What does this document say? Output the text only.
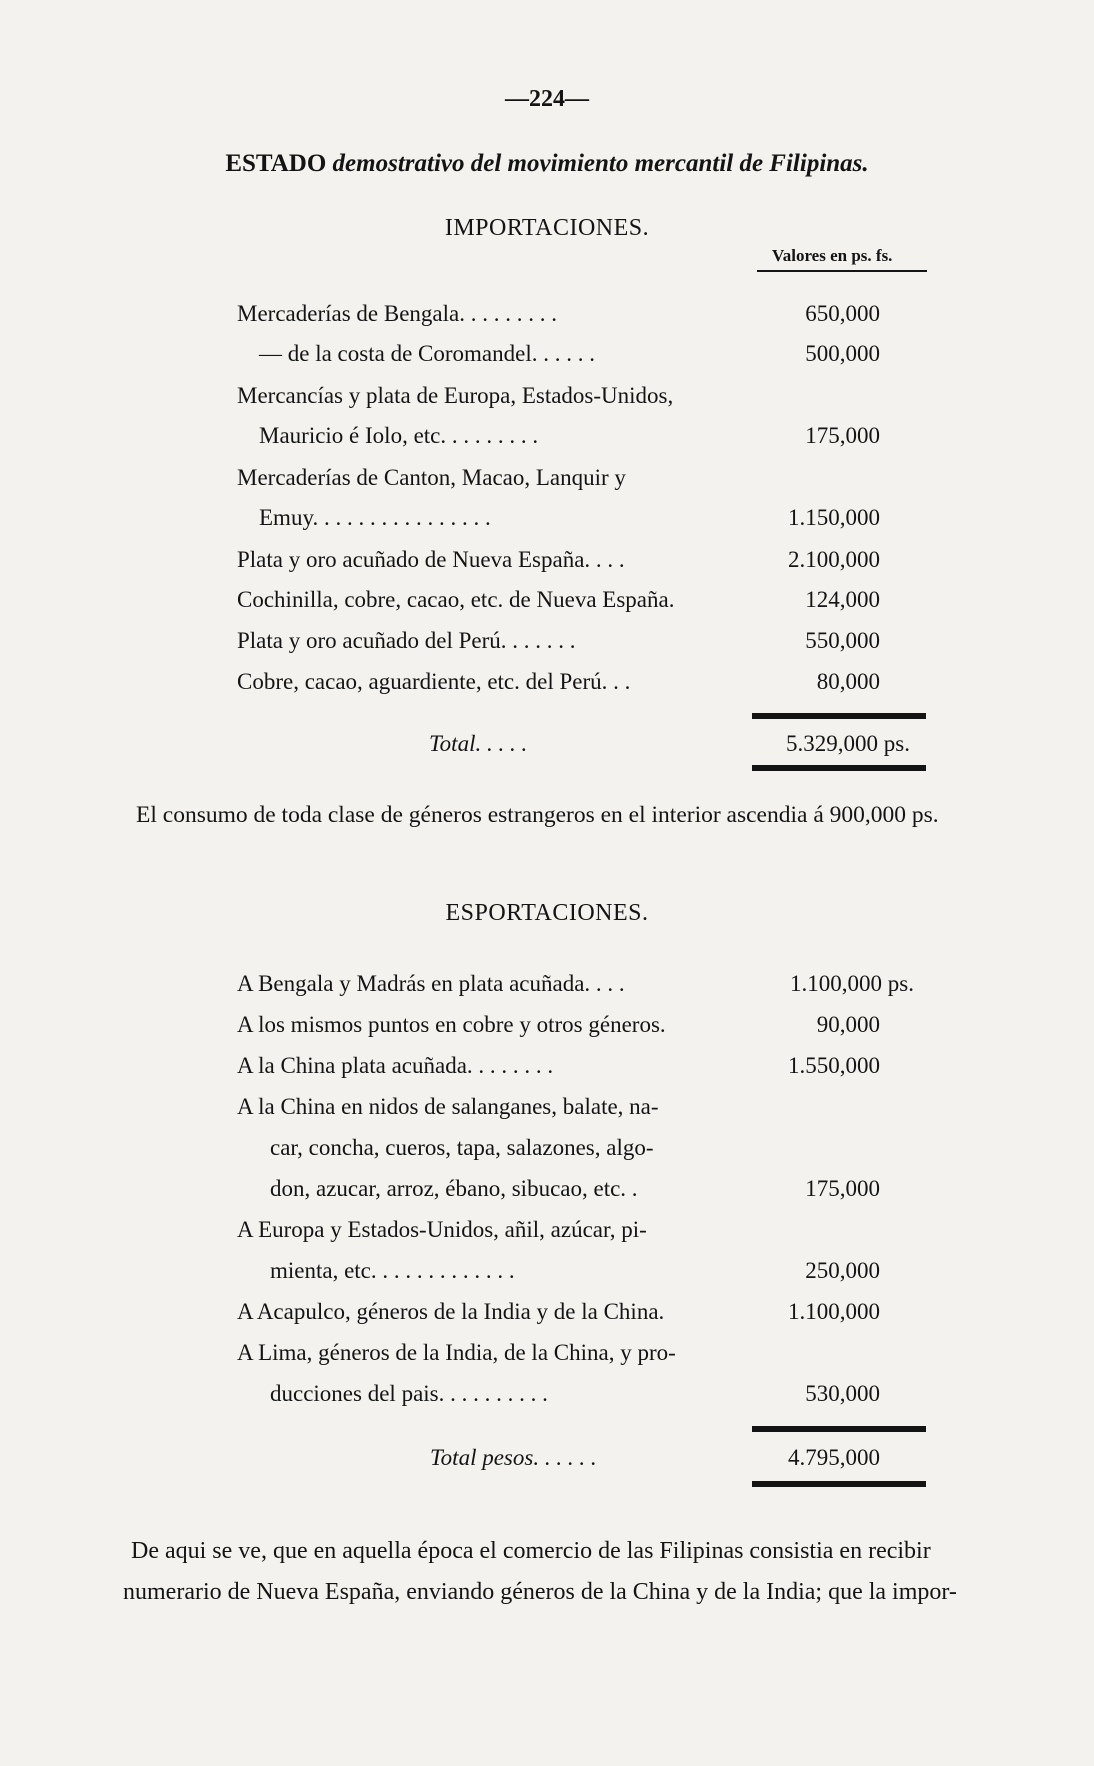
—224—
ESTADO demostrativo del movimiento mercantil de Filipinas.
IMPORTACIONES.
Valores en ps. fs.
Mercaderías de Bengala. . . . . . . . .	650,000
— de la costa de Coromandel. . . . . .	500,000
Mercancías y plata de Europa, Estados-Unidos,
Mauricio é Iolo, etc. . . . . . . . .	175,000
Mercaderías de Canton, Macao, Lanquir y
Emuy. . . . . . . . . . . . . . . .	1.150,000
Plata y oro acuñado de Nueva España. . . .	2.100,000
Cochinilla, cobre, cacao, etc. de Nueva España.	124,000
Plata y oro acuñado del Perú. . . . . . .	550,000
Cobre, cacao, aguardiente, etc. del Perú. . .	80,000
Total. . . . .	5.329,000 ps.
El consumo de toda clase de géneros estrangeros en el interior ascendia á 900,000 ps.
ESPORTACIONES.
A Bengala y Madrás en plata acuñada. . . .	1.100,000 ps.
A los mismos puntos en cobre y otros géneros.	90,000
A la China plata acuñada. . . . . . . .	1.550,000
A la China en nidos de salanganes, balate, na-
car, concha, cueros, tapa, salazones, algo-
don, azucar, arroz, ébano, sibucao, etc. .	175,000
A Europa y Estados-Unidos, añil, azúcar, pi-
mienta, etc. . . . . . . . . . . . .	250,000
A Acapulco, géneros de la India y de la China.	1.100,000
A Lima, géneros de la India, de la China, y pro-
ducciones del pais. . . . . . . . . .	530,000
Total pesos. . . . . .	4.795,000
De aqui se ve, que en aquella época el comercio de las Filipinas consistia en recibir
numerario de Nueva España, enviando géneros de la China y de la India; que la impor-
